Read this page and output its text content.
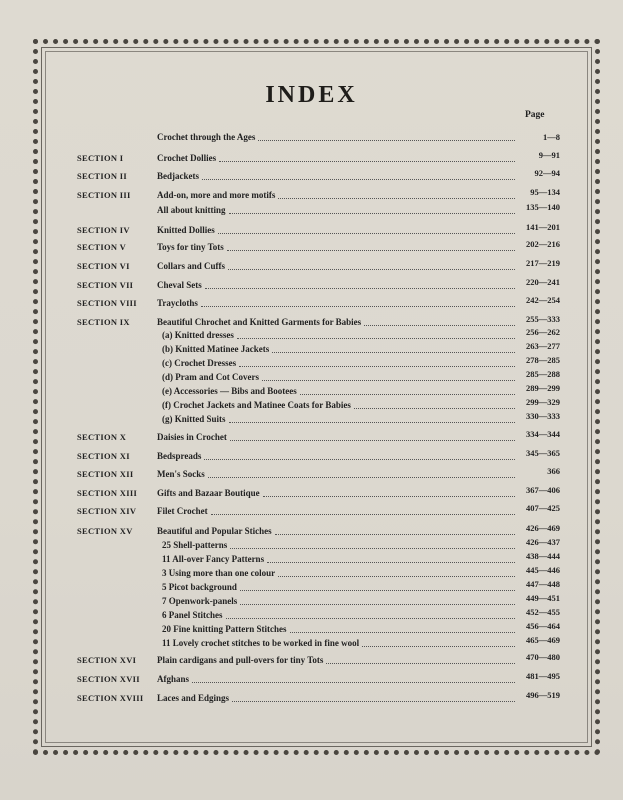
INDEX
Page
Crochet through the Ages	1—8
SECTION I	Crochet Dollies	9—91
SECTION II	Bedjackets	92—94
SECTION III	Add-on, more and more motifs	95—134
All about knitting	135—140
SECTION IV	Knitted Dollies	141—201
SECTION V	Toys for tiny Tots	202—216
SECTION VI	Collars and Cuffs	217—219
SECTION VII	Cheval Sets	220—241
SECTION VIII Traycloths	242—254
SECTION IX	Beautiful Chrochet and Knitted Garments for Babies	255—333
(a) Knitted dresses	256—262
(b) Knitted Matinee Jackets	263—277
(c) Crochet Dresses	278—285
(d) Pram and Cot Covers	285—288
(e) Accessories — Bibs and Bootees	289—299
(f) Crochet Jackets and Matinee Coats for Babies	299—329
(g) Knitted Suits	330—333
SECTION X	Daisies in Crochet	334—344
SECTION XI	Bedspreads	345—365
SECTION XII	Men's Socks	366
SECTION XIII Gifts and Bazaar Boutique	367—406
SECTION XIV Filet Crochet	407—425
SECTION XV	Beautiful and Popular Stiches	426—469
25 Shell-patterns	426—437
11 All-over Fancy Patterns	438—444
3 Using more than one colour	445—446
5 Picot background	447—448
7 Openwork-panels	449—451
6 Panel Stitches	452—455
20 Fine knitting Pattern Stitches	456—464
11 Lovely crochet stitches to be worked in fine wool	465—469
SECTION XVI Plain cardigans and pull-overs for tiny Tots	470—480
SECTION XVII Afghans	481—495
SECTION XVIII Laces and Edgings	496—519
